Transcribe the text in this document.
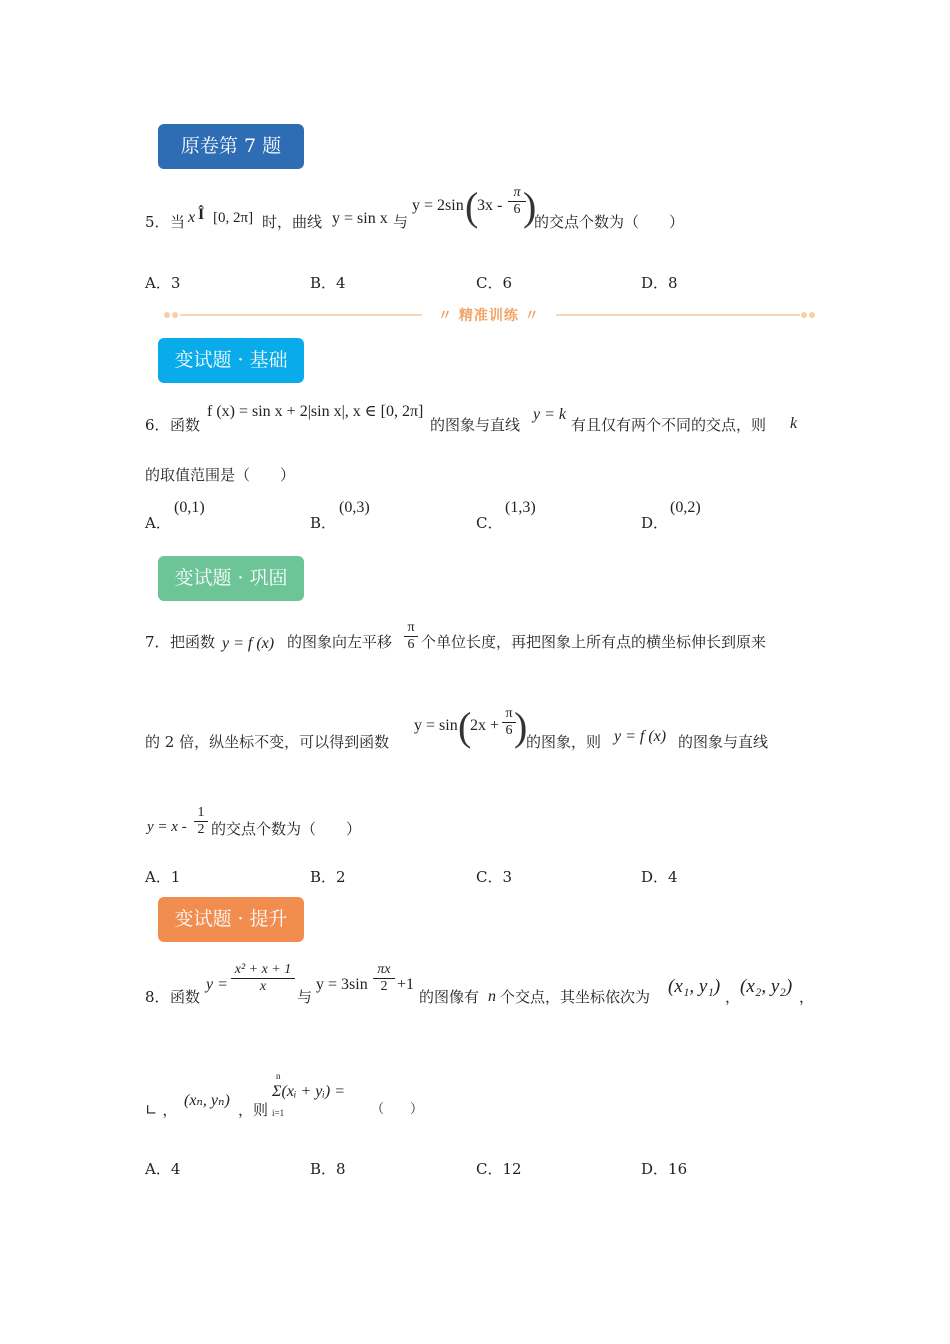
原卷第 7 题
变试题 · 基础
变试题 · 巩固
变试题 · 提升
5． 当 x Î [0, 2π] 时，曲线 y = sin x 与
y = 2sin (
3x -
π
6 )
的交点个数为（　　）
A．3	B．4	C．6	D．8
〃 精准训练 〃
6． 函数
f (x) = sin x + 2|sin x|, x ∈ [0, 2π]
的图象与直线
y = k
有且仅有两个不同的交点，则 k
的取值范围是（　　）
A．
(0,1)
B．
(0,3)
C．
(1,3)
D．
(0,2)
7． 把函数 y = f (x) 的图象向左平移
π
6 个单位长度，再把图象上所有点的横坐标伸长到原来
的 2 倍，纵坐标不变，可以得到函数
y = sin (
2x +
π
6 )
的图象，则 y = f (x) 的图象与直线
y = x -
1
2 的交点个数为（　　）
A．1	B．2	C．3	D．4
8． 函数
y =
x² + x + 1
x
与
y = 3sin
πx
2 +1
的图像有 n 个交点，其坐标依次为 (x₁, y₁) ， (x₂, y₂) ，
∟ ，
(xₙ, yₙ)
，则
n
i=1
Σ(xᵢ + yᵢ) =
（　　）
A．4	B．8	C．12	D．16
